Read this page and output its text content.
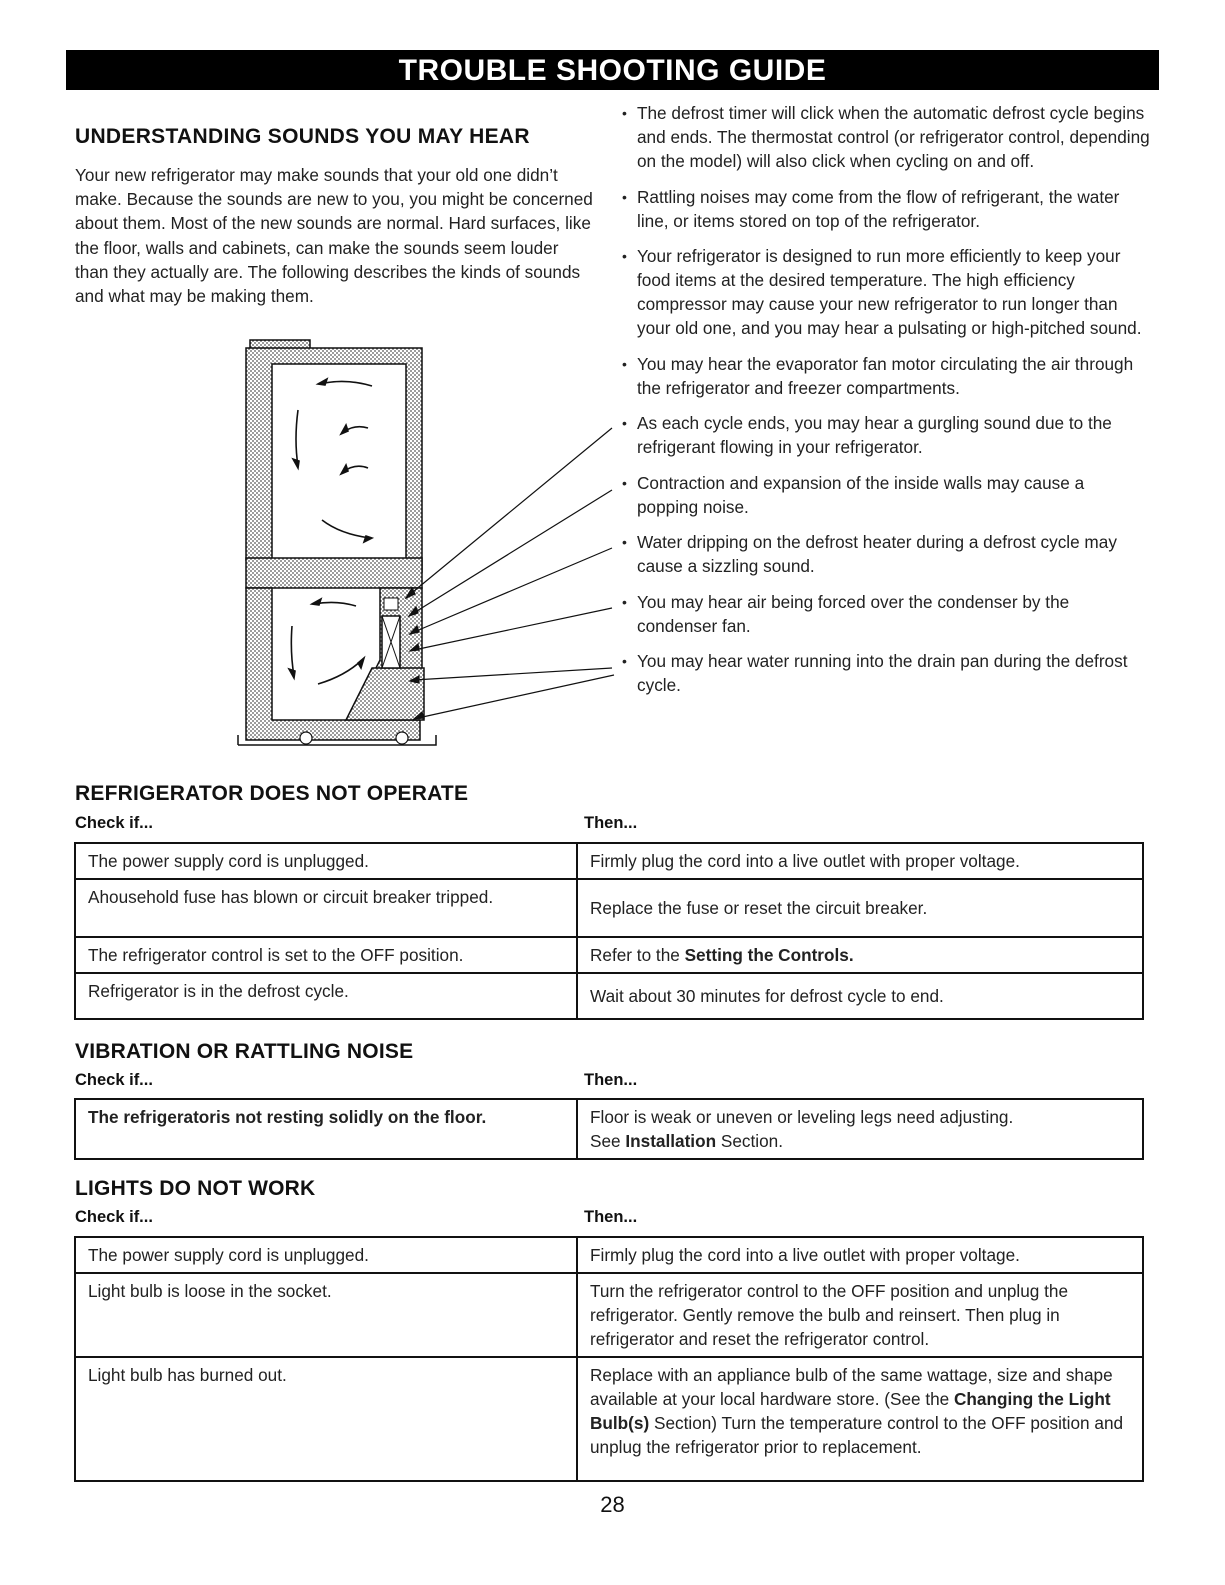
TROUBLE SHOOTING GUIDE
UNDERSTANDING SOUNDS YOU MAY HEAR

Your new refrigerator may make sounds that your old one didn’t make. Because the sounds are new to you, you might be concerned about them. Most of the new sounds are normal. Hard surfaces, like the floor, walls and cabinets, can make the sounds seem louder than they actually are. The following describes the kinds of sounds and what may be making them.

• The defrost timer will click when the automatic defrost cycle begins and ends. The thermostat control (or refrigerator control, depending on the model) will also click when cycling on and off.
• Rattling noises may come from the flow of refrigerant, the water line, or items stored on top of the refrigerator.
• Your refrigerator is designed to run more efficiently to keep your food items at the desired temperature. The high efficiency compressor may cause your new refrigerator to run longer than your old one, and you may hear a pulsating or high-pitched sound.
• You may hear the evaporator fan motor circulating the air through the refrigerator and freezer compartments.
• As each cycle ends, you may hear a gurgling sound due to the refrigerant flowing in your refrigerator.
• Contraction and expansion of the inside walls may cause a popping noise.
• Water dripping on the defrost heater during a defrost cycle may cause a sizzling sound.
• You may hear air being forced over the condenser by the condenser fan.
• You may hear water running into the drain pan during the defrost cycle.
REFRIGERATOR DOES NOT OPERATE
Check if...	Then...
The power supply cord is unplugged.	Firmly plug the cord into a live outlet with proper voltage.
Ahousehold fuse has blown or circuit breaker tripped.	Replace the fuse or reset the circuit breaker.
The refrigerator control is set to the OFF position.	Refer to the Setting the Controls.
Refrigerator is in the defrost cycle.	Wait about 30 minutes for defrost cycle to end.
VIBRATION OR RATTLING NOISE
Check if...	Then...
The refrigeratoris not resting solidly on the floor.	Floor is weak or uneven or leveling legs need adjusting.
See Installation Section.
LIGHTS DO NOT WORK
Check if...	Then...
The power supply cord is unplugged.	Firmly plug the cord into a live outlet with proper voltage.
Light bulb is loose in the socket.	Turn the refrigerator control to the OFF position and unplug the refrigerator. Gently remove the bulb and reinsert. Then plug in refrigerator and reset the refrigerator control.
Light bulb has burned out.	Replace with an appliance bulb of the same wattage, size and shape available at your local hardware store. (See the Changing the Light Bulb(s) Section) Turn the temperature control to the OFF position and unplug the refrigerator prior to replacement.
28
